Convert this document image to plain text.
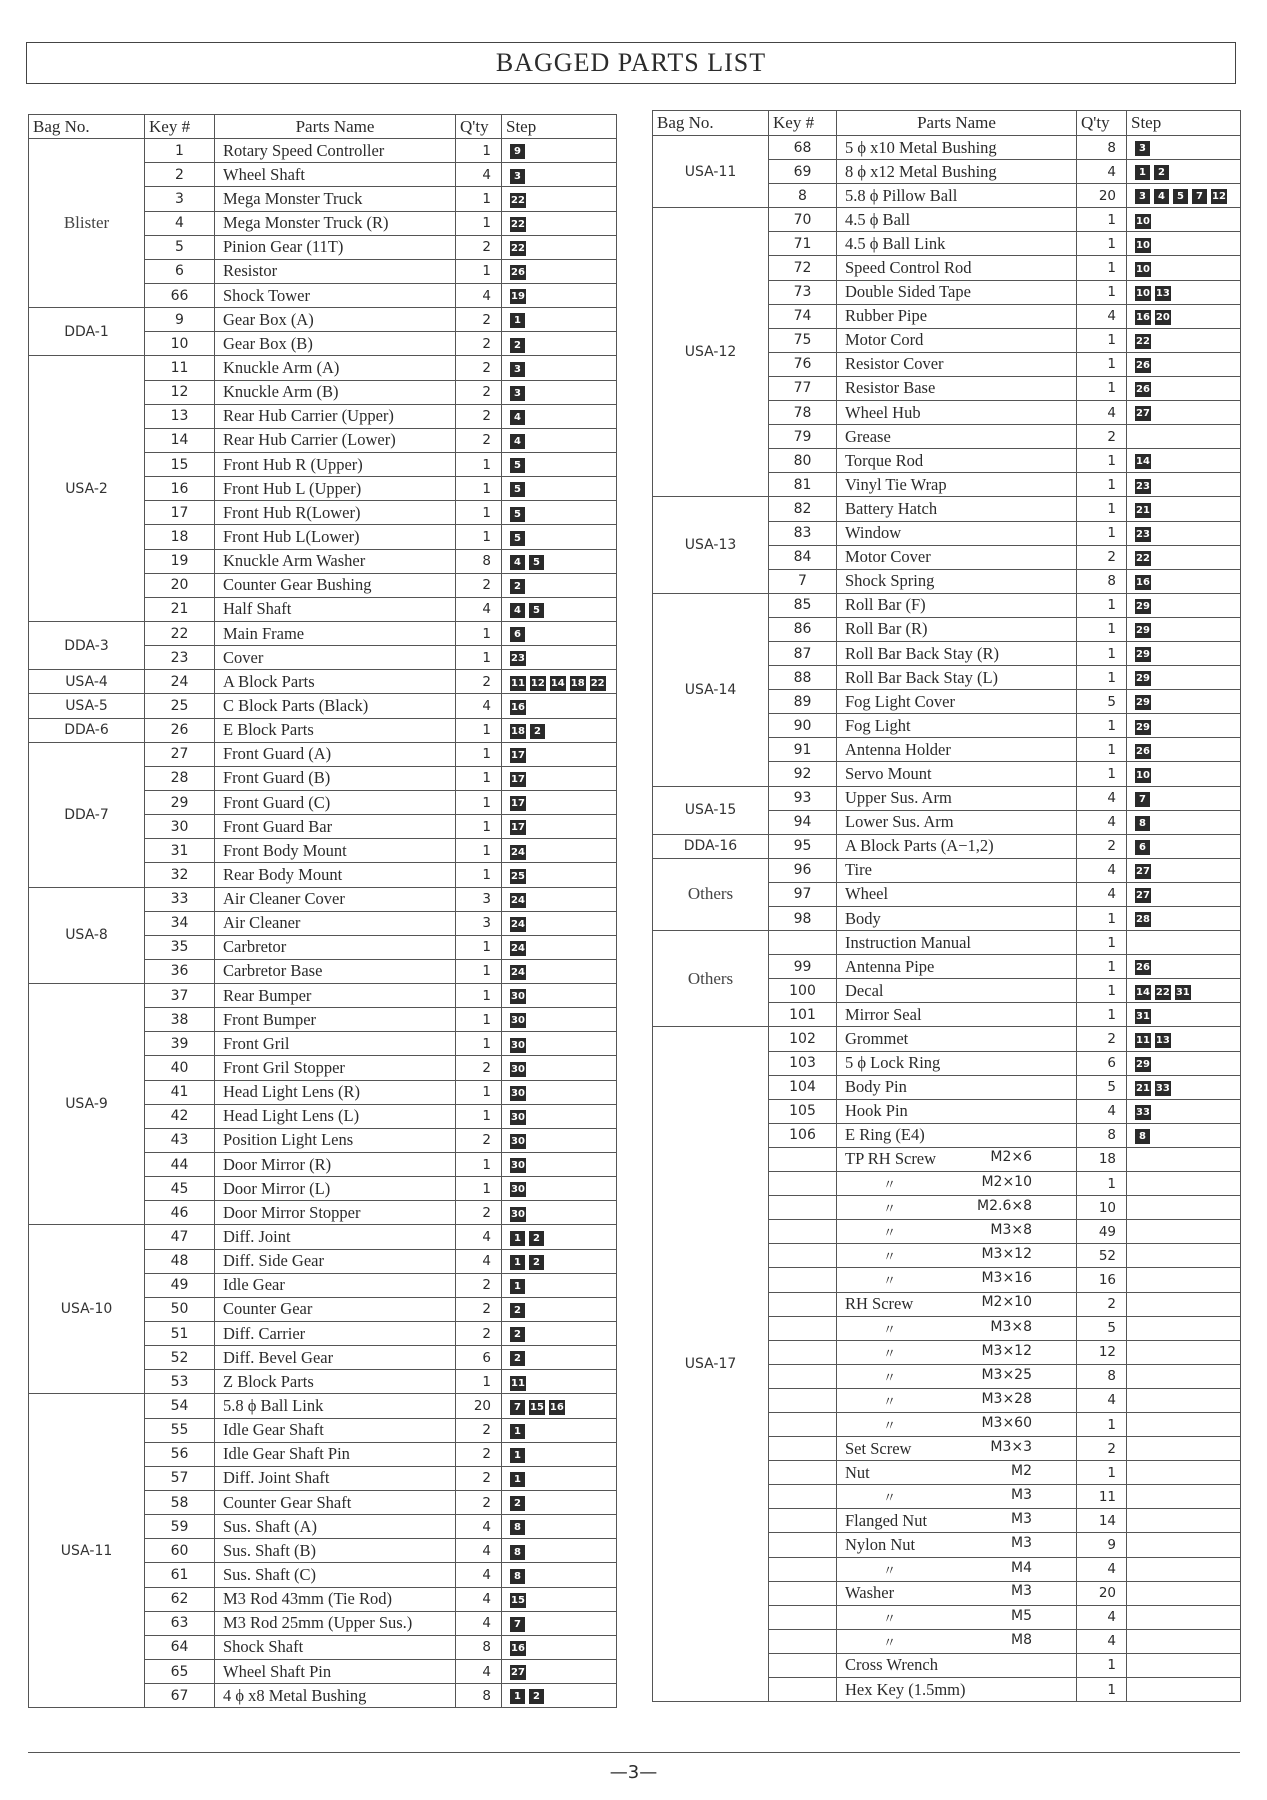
BAGGED PARTS LIST
Bag No.	Key #	Parts Name	Q'ty	Step
Blister	1	Rotary Speed Controller	1	9
	2	Wheel Shaft	4	3
	3	Mega Monster Truck	1	22
	4	Mega Monster Truck (R)	1	22
	5	Pinion Gear (11T)	2	22
	6	Resistor	1	26
	66	Shock Tower	4	19
DDA-1	9	Gear Box (A)	2	1
	10	Gear Box (B)	2	2
USA-2	11	Knuckle Arm (A)	2	3
	12	Knuckle Arm (B)	2	3
	13	Rear Hub Carrier (Upper)	2	4
	14	Rear Hub Carrier (Lower)	2	4
	15	Front Hub R (Upper)	1	5
	16	Front Hub L (Upper)	1	5
	17	Front Hub R(Lower)	1	5
	18	Front Hub L(Lower)	1	5
	19	Knuckle Arm Washer	8	4 5
	20	Counter Gear Bushing	2	2
	21	Half Shaft	4	4 5
DDA-3	22	Main Frame	1	6
	23	Cover	1	23
USA-4	24	A Block Parts	2	11 12 14 18 22
USA-5	25	C Block Parts (Black)	4	16
DDA-6	26	E Block Parts	1	18 2
DDA-7	27	Front Guard (A)	1	17
	28	Front Guard (B)	1	17
	29	Front Guard (C)	1	17
	30	Front Guard Bar	1	17
	31	Front Body Mount	1	24
	32	Rear Body Mount	1	25
USA-8	33	Air Cleaner Cover	3	24
	34	Air Cleaner	3	24
	35	Carbretor	1	24
	36	Carbretor Base	1	24
USA-9	37	Rear Bumper	1	30
	38	Front Bumper	1	30
	39	Front Gril	1	30
	40	Front Gril Stopper	2	30
	41	Head Light Lens (R)	1	30
	42	Head Light Lens (L)	1	30
	43	Position Light Lens	2	30
	44	Door Mirror (R)	1	30
	45	Door Mirror (L)	1	30
	46	Door Mirror Stopper	2	30
USA-10	47	Diff. Joint	4	1 2
	48	Diff. Side Gear	4	1 2
	49	Idle Gear	2	1
	50	Counter Gear	2	2
	51	Diff. Carrier	2	2
	52	Diff. Bevel Gear	6	2
	53	Z Block Parts	1	11
USA-11	54	5.8 ϕ Ball Link	20	7 15 16
	55	Idle Gear Shaft	2	1
	56	Idle Gear Shaft Pin	2	1
	57	Diff. Joint Shaft	2	1
	58	Counter Gear Shaft	2	2
	59	Sus. Shaft (A)	4	8
	60	Sus. Shaft (B)	4	8
	61	Sus. Shaft (C)	4	8
	62	M3 Rod 43mm (Tie Rod)	4	15
	63	M3 Rod 25mm (Upper Sus.)	4	7
	64	Shock Shaft	8	16
	65	Wheel Shaft Pin	4	27
	67	4 ϕ x8 Metal Bushing	8	1 2
Bag No.	Key #	Parts Name	Q'ty	Step
USA-11	68	5 ϕ x10 Metal Bushing	8	3
	69	8 ϕ x12 Metal Bushing	4	1 2
	8	5.8 ϕ Pillow Ball	20	3 4 5 7 12
USA-12	70	4.5 ϕ Ball	1	10
	71	4.5 ϕ Ball Link	1	10
	72	Speed Control Rod	1	10
	73	Double Sided Tape	1	10 13
	74	Rubber Pipe	4	16 20
	75	Motor Cord	1	22
	76	Resistor Cover	1	26
	77	Resistor Base	1	26
	78	Wheel Hub	4	27
	79	Grease	2	
	80	Torque Rod	1	14
	81	Vinyl Tie Wrap	1	23
USA-13	82	Battery Hatch	1	21
	83	Window	1	23
	84	Motor Cover	2	22
	7	Shock Spring	8	16
USA-14	85	Roll Bar (F)	1	29
	86	Roll Bar (R)	1	29
	87	Roll Bar Back Stay (R)	1	29
	88	Roll Bar Back Stay (L)	1	29
	89	Fog Light Cover	5	29
	90	Fog Light	1	29
	91	Antenna Holder	1	26
	92	Servo Mount	1	10
USA-15	93	Upper Sus. Arm	4	7
	94	Lower Sus. Arm	4	8
DDA-16	95	A Block Parts (A−1,2)	2	6
Others	96	Tire	4	27
	97	Wheel	4	27
	98	Body	1	28
Others		Instruction Manual	1	
	99	Antenna Pipe	1	26
	100	Decal	1	14 22 31
	101	Mirror Seal	1	31
USA-17	102	Grommet	2	11 13
	103	5 ϕ Lock Ring	6	29
	104	Body Pin	5	21 33
	105	Hook Pin	4	33
	106	E Ring (E4)	8	8

		TP RH Screw M2×6	18	

		〃 M2×10	1	

		〃 M2.6×8	10	

		〃 M3×8	49	

		〃 M3×12	52	

		〃 M3×16	16	

		RH Screw M2×10	2	

		〃 M3×8	5	

		〃 M3×12	12	

		〃 M3×25	8	

		〃 M3×28	4	

		〃 M3×60	1	

		Set Screw M3×3	2	

		Nut M2	1	

		〃 M3	11	

		Flanged Nut M3	14	

		Nylon Nut M3	9	

		〃 M4	4	

		Washer M3	20	

		〃 M5	4	

		〃 M8	4	

		Cross Wrench	1	

		Hex Key (1.5mm)	1	
—3—
